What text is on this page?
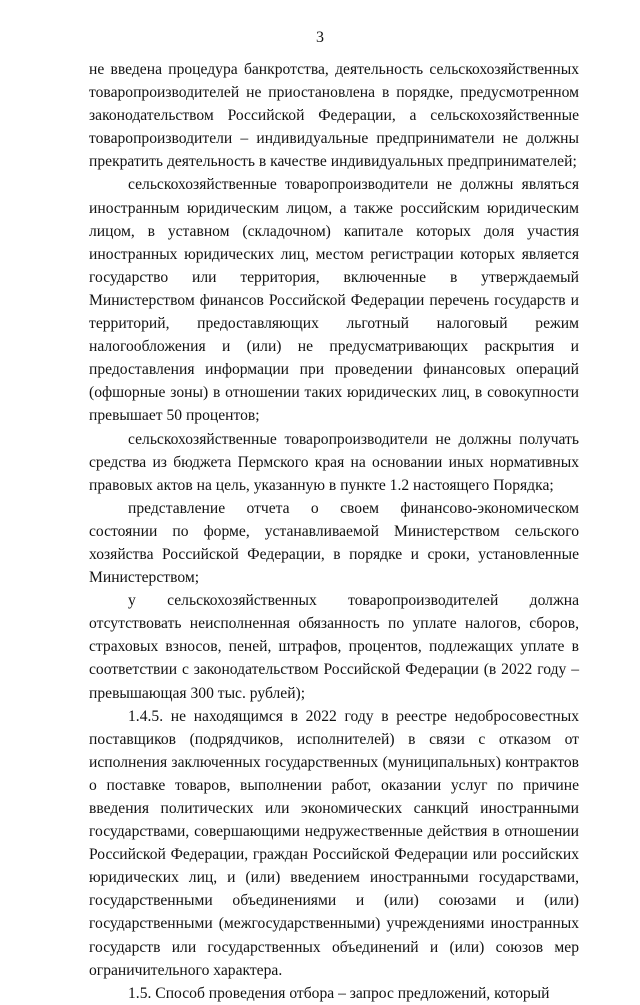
3

не введена процедура банкротства, деятельность сельскохозяйственных товаропроизводителей не приостановлена в порядке, предусмотренном законодательством Российской Федерации, а сельскохозяйственные товаропроизводители – индивидуальные предприниматели не должны прекратить деятельность в качестве индивидуальных предпринимателей;

сельскохозяйственные товаропроизводители не должны являться иностранным юридическим лицом, а также российским юридическим лицом, в уставном (складочном) капитале которых доля участия иностранных юридических лиц, местом регистрации которых является государство или территория, включенные в утверждаемый Министерством финансов Российской Федерации перечень государств и территорий, предоставляющих льготный налоговый режим налогообложения и (или) не предусматривающих раскрытия и предоставления информации при проведении финансовых операций (офшорные зоны) в отношении таких юридических лиц, в совокупности превышает 50 процентов;

сельскохозяйственные товаропроизводители не должны получать средства из бюджета Пермского края на основании иных нормативных правовых актов на цель, указанную в пункте 1.2 настоящего Порядка;

представление отчета о своем финансово-экономическом состоянии по форме, устанавливаемой Министерством сельского хозяйства Российской Федерации, в порядке и сроки, установленные Министерством;

у сельскохозяйственных товаропроизводителей должна отсутствовать неисполненная обязанность по уплате налогов, сборов, страховых взносов, пеней, штрафов, процентов, подлежащих уплате в соответствии с законодательством Российской Федерации (в 2022 году – превышающая 300 тыс. рублей);

1.4.5. не находящимся в 2022 году в реестре недобросовестных поставщиков (подрядчиков, исполнителей) в связи с отказом от исполнения заключенных государственных (муниципальных) контрактов о поставке товаров, выполнении работ, оказании услуг по причине введения политических или экономических санкций иностранными государствами, совершающими недружественные действия в отношении Российской Федерации, граждан Российской Федерации или российских юридических лиц, и (или) введением иностранными государствами, государственными объединениями и (или) союзами и (или) государственными (межгосударственными) учреждениями иностранных государств или государственных объединений и (или) союзов мер ограничительного характера.

1.5. Способ проведения отбора – запрос предложений, который
